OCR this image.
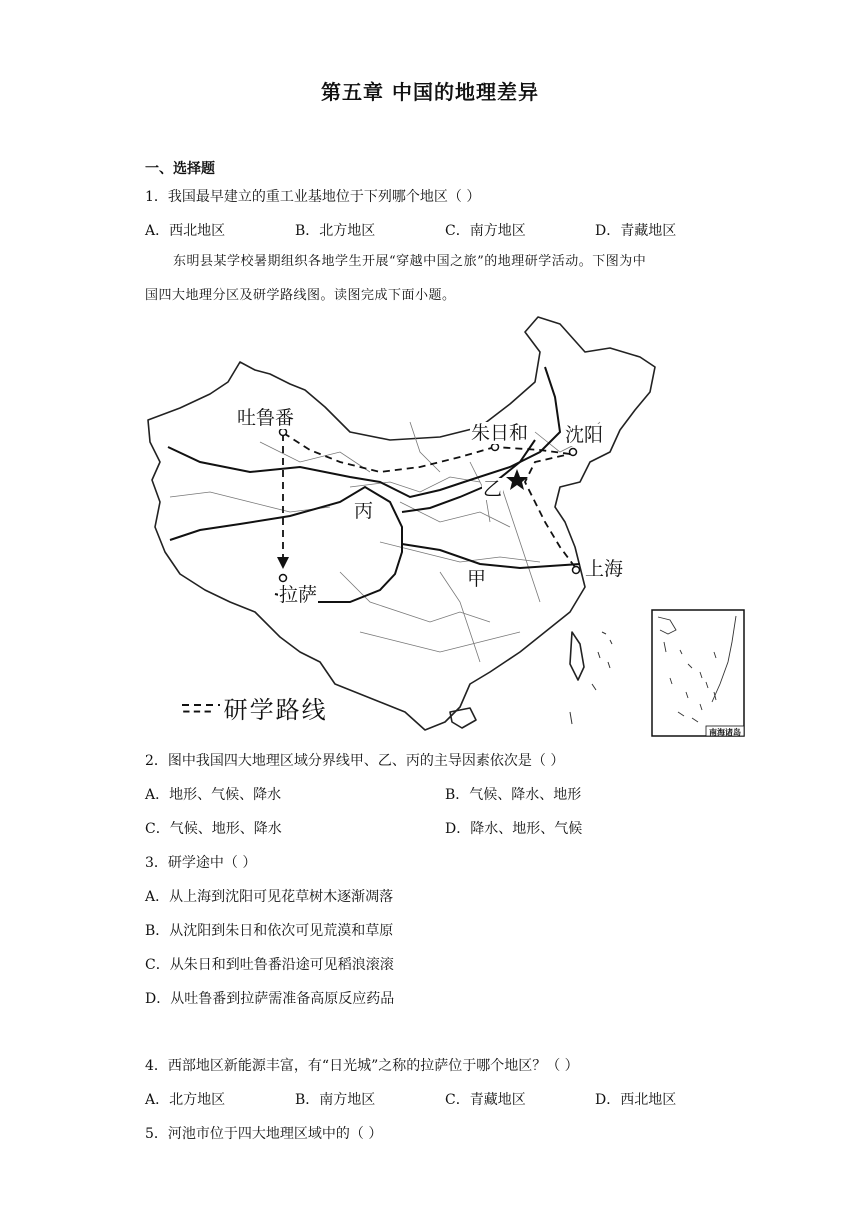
第五章 中国的地理差异
一、选择题
1．我国最早建立的重工业基地位于下列哪个地区（ ）
A．西北地区	B．北方地区	C．南方地区	D．青藏地区
东明县某学校暑期组织各地学生开展“穿越中国之旅”的地理研学活动。下图为中
国四大地理分区及研学路线图。读图完成下面小题。
吐鲁番
朱日和 沈阳
乙
丙
甲	上海
拉萨
--- 研学路线
南海诸岛
2．图中我国四大地理区域分界线甲、乙、丙的主导因素依次是（ ）
A．地形、气候、降水	B．气候、降水、地形
C．气候、地形、降水	D．降水、地形、气候
3．研学途中（ ）
A．从上海到沈阳可见花草树木逐渐凋落
B．从沈阳到朱日和依次可见荒漠和草原
C．从朱日和到吐鲁番沿途可见稻浪滚滚
D．从吐鲁番到拉萨需准备高原反应药品
4．西部地区新能源丰富，有“日光城”之称的拉萨位于哪个地区？（ ）
A．北方地区	B．南方地区	C．青藏地区	D．西北地区
5．河池市位于四大地理区域中的（ ）
